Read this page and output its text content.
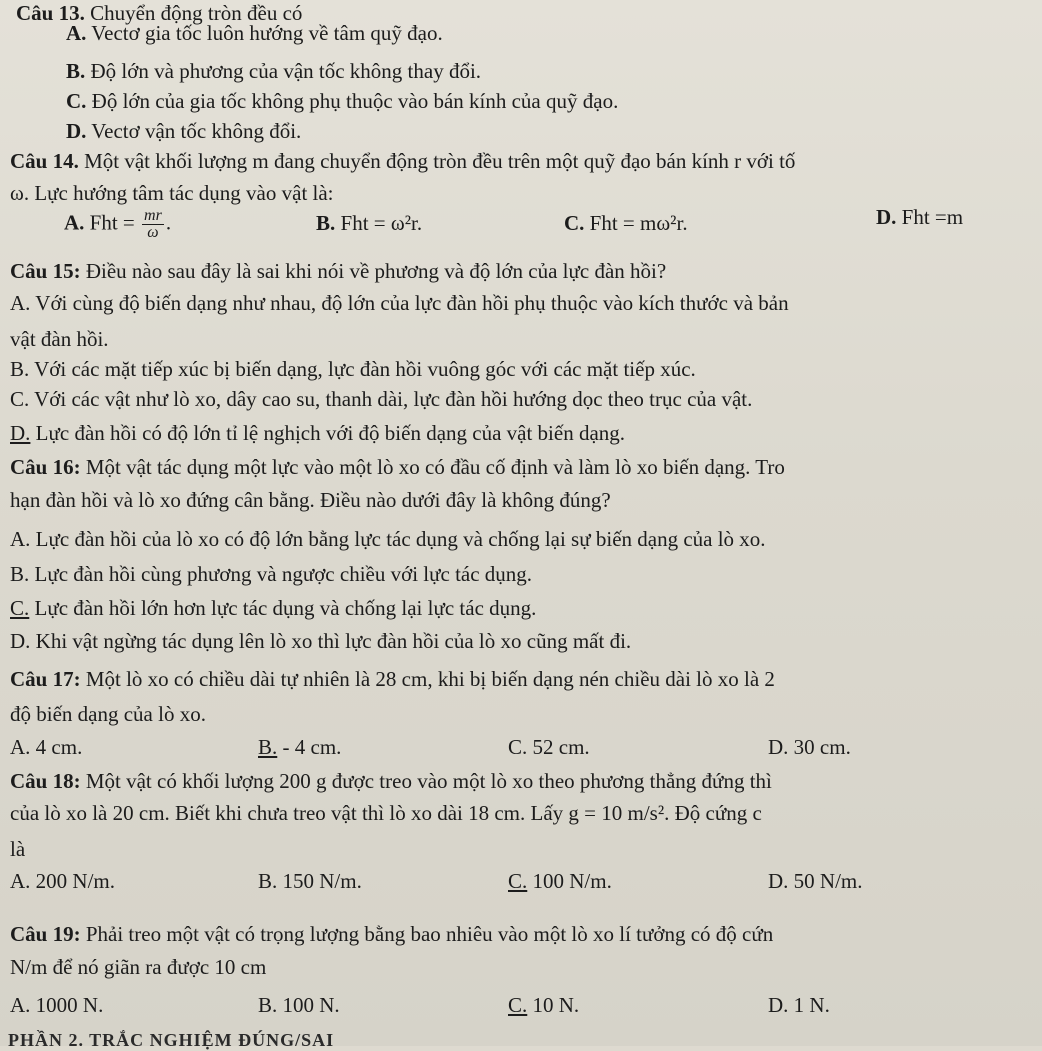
Câu 13. Chuyển động tròn đều có
A. Vectơ gia tốc luôn hướng về tâm quỹ đạo.
B. Độ lớn và phương của vận tốc không thay đổi.
C. Độ lớn của gia tốc không phụ thuộc vào bán kính của quỹ đạo.
D. Vectơ vận tốc không đổi.
Câu 14. Một vật khối lượng m đang chuyển động tròn đều trên một quỹ đạo bán kính r với tố
ω. Lực hướng tâm tác dụng vào vật là:
A. Fht = $\frac{mr}{\omega}$ .	B. Fht = ω²r.	C. Fht = mω²r.	D. Fht =m
Câu 15: Điều nào sau đây là sai khi nói về phương và độ lớn của lực đàn hồi?
A. Với cùng độ biến dạng như nhau, độ lớn của lực đàn hồi phụ thuộc vào kích thước và bản
vật đàn hồi.
B. Với các mặt tiếp xúc bị biến dạng, lực đàn hồi vuông góc với các mặt tiếp xúc.
C. Với các vật như lò xo, dây cao su, thanh dài, lực đàn hồi hướng dọc theo trục của vật.
D. Lực đàn hồi có độ lớn tỉ lệ nghịch với độ biến dạng của vật biến dạng.
Câu 16: Một vật tác dụng một lực vào một lò xo có đầu cố định và làm lò xo biến dạng. Tro
hạn đàn hồi và lò xo đứng cân bằng. Điều nào dưới đây là không đúng?
A. Lực đàn hồi của lò xo có độ lớn bằng lực tác dụng và chống lại sự biến dạng của lò xo.
B. Lực đàn hồi cùng phương và ngược chiều với lực tác dụng.
C. Lực đàn hồi lớn hơn lực tác dụng và chống lại lực tác dụng.
D. Khi vật ngừng tác dụng lên lò xo thì lực đàn hồi của lò xo cũng mất đi.
Câu 17: Một lò xo có chiều dài tự nhiên là 28 cm, khi bị biến dạng nén chiều dài lò xo là 2
độ biến dạng của lò xo.
A. 4 cm.	B. - 4 cm.	C. 52 cm.	D. 30 cm.
Câu 18: Một vật có khối lượng 200 g được treo vào một lò xo theo phương thẳng đứng thì
của lò xo là 20 cm. Biết khi chưa treo vật thì lò xo dài 18 cm. Lấy g = 10 m/s². Độ cứng c
là
A. 200 N/m.	B. 150 N/m.	C. 100 N/m.	D. 50 N/m.
Câu 19: Phải treo một vật có trọng lượng bằng bao nhiêu vào một lò xo lí tưởng có độ cứn
N/m để nó giãn ra được 10 cm
A. 1000 N.	B. 100 N.	C. 10 N.	D. 1 N.
PHẦN 2. TRẮC NGHIỆM ĐÚNG/SAI
